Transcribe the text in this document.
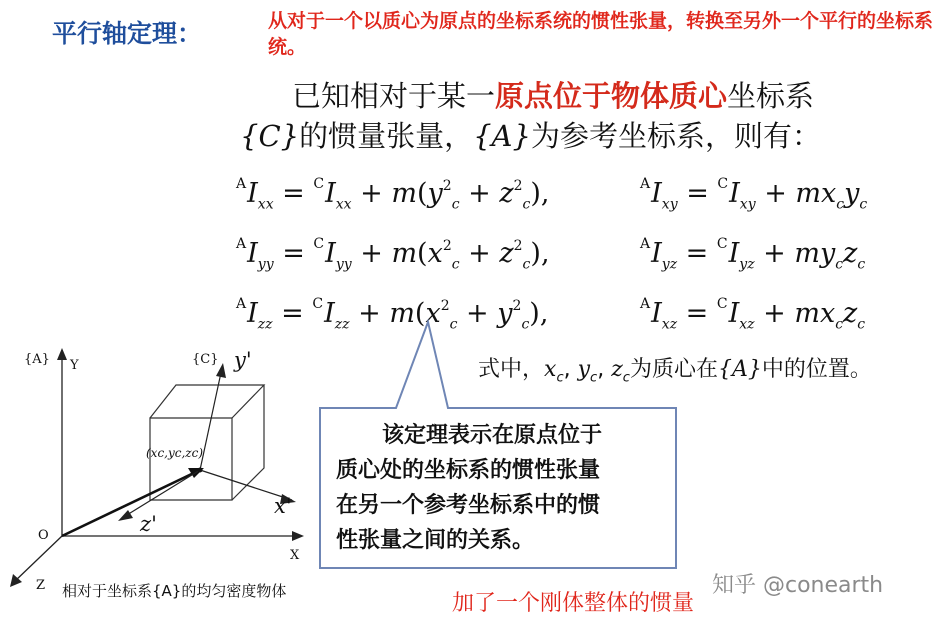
平行轴定理：	从对于一个以质心为原点的坐标系统的惯性张量，转换至另外一个平行的坐标系统。
已知相对于某一原点位于物体质心坐标系
{C}的惯量张量，{A}为参考坐标系，则有：
$^AI_{xx} = ^CI_{xx} + m(y^2_c + z^2_c)$,
$^AI_{yy} = ^CI_{yy} + m(x^2_c + z^2_c)$,
$^AI_{zz} = ^CI_{zz} + m(x^2_c + y^2_c)$,
$^AI_{xy} = ^CI_{xy} + mx_cy_c$
$^AI_{yz} = ^CI_{yz} + my_cz_c$
$^AI_{xz} = ^CI_{xz} + mx_cz_c$
式中，$x_c$, $y_c$, $z_c$为质心在{A}中的位置。
{A} Y
X
Z
O
{C} y'
x'
z'
(xc,yc,zc)
该定理表示在原点位于
质心处的坐标系的惯性张量
在另一个参考坐标系中的惯
性张量之间的关系。
相对于坐标系{A}的均匀密度物体	加了一个刚体整体的惯量
知乎 @conearth
